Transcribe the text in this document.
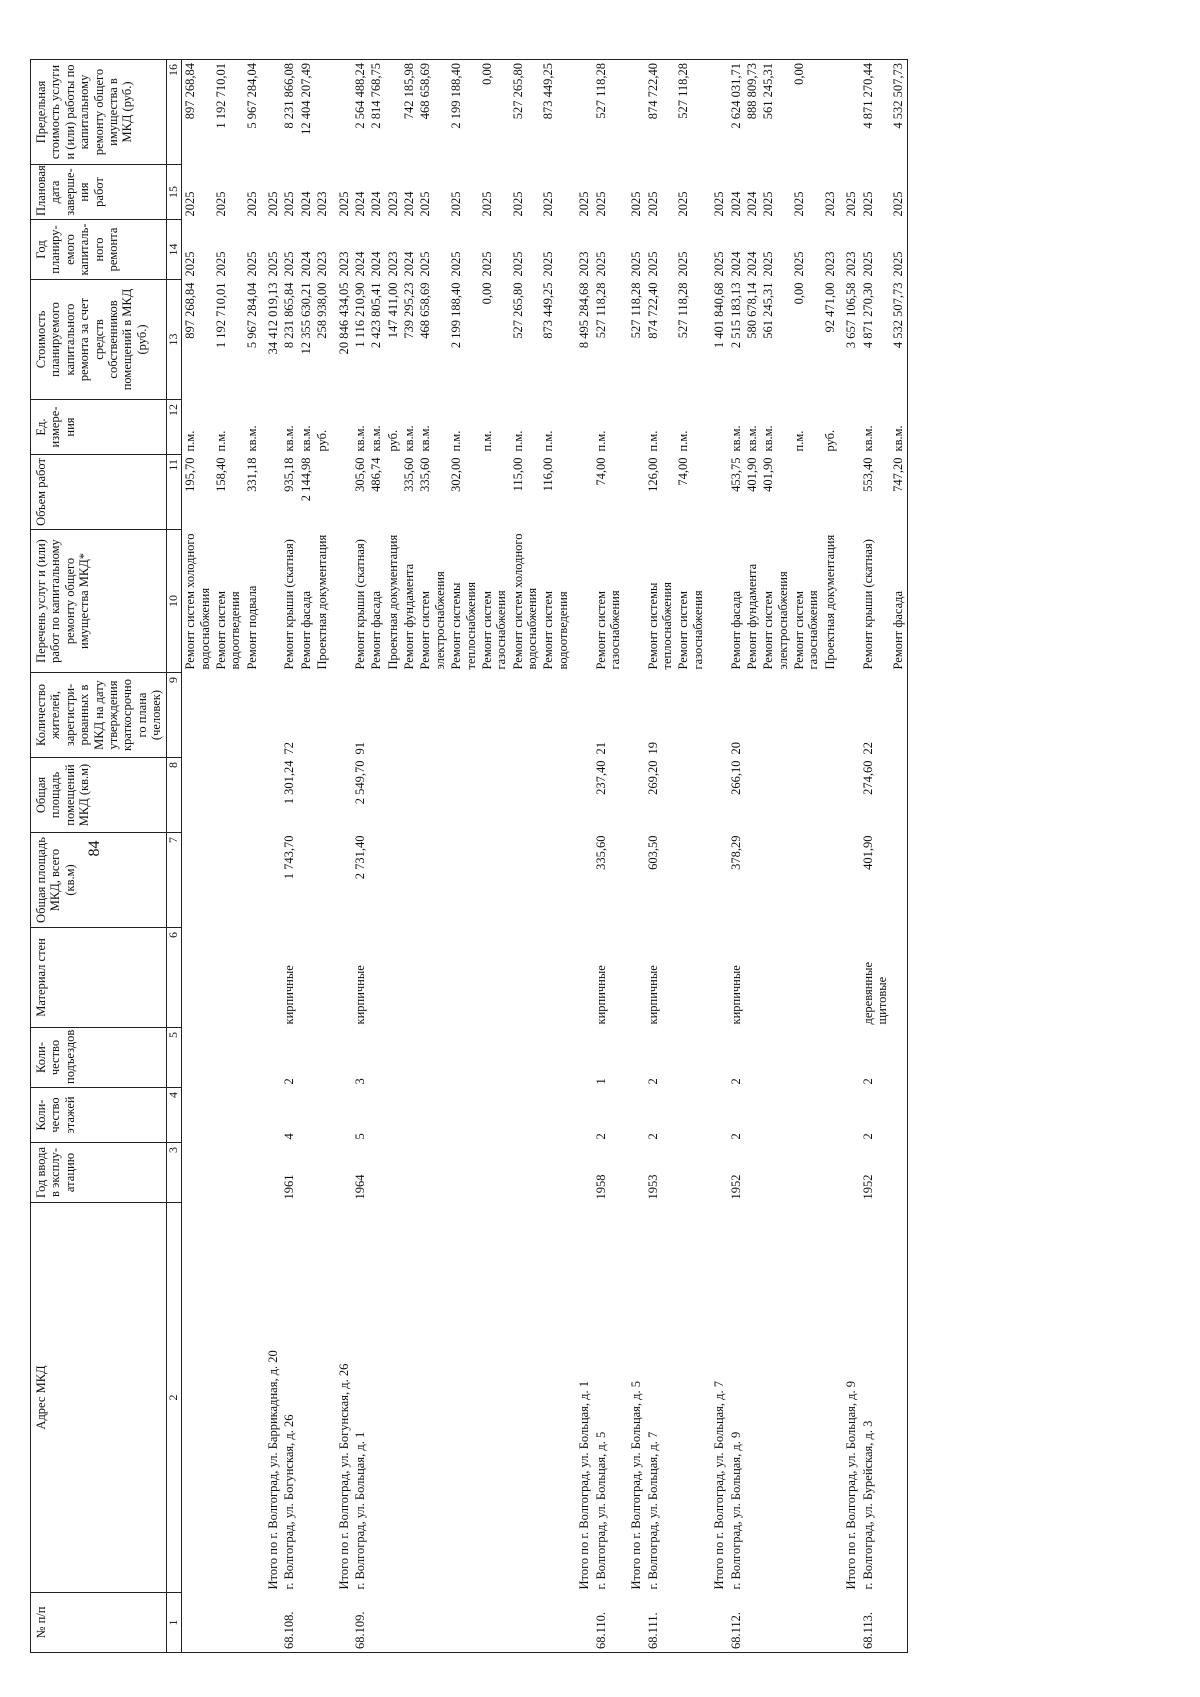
84
№ п/п	Адрес МКД	Год ввода в эксплу-атацию	Коли-чество этажей	Коли-чество подъездов	Материал стен	Общая площадь МКД, всего (кв.м)	Общая площадь помещений МКД (кв.м)	Количество жителей, зарегистри-рованных в МКД на дату утверждения краткосрочно го плана (человек)	Перечень услуг и (или) работ по капитальному ремонту общего имущества МКД*	Объем работ	Ед. измере-ния	Стоимость планируемого капитального ремонта за счет средств собственников помещений в МКД (руб.)	Год планиру-емого капиталь-ного ремонта	Плановая дата заверше-ния работ	Предельная стоимость услуги и (или) работы по капитальному ремонту общего имущества в МКД (руб.)
1	2	3	4	5	6	7	8	9	10	11	12	13	14	15	16
									Ремонт систем холодного водоснабжения	195,70	п.м.	897 268,84	2025	2025	897 268,84
									Ремонт систем водоотведения	158,40	п.м.	1 192 710,01	2025	2025	1 192 710,01
									Ремонт подвала	331,18	кв.м.	5 967 284,04	2025	2025	5 967 284,04
	Итого по г. Волгоград, ул. Баррикадная, д. 20											34 412 019,13	2025	2025	
68.108.	г. Волгоград, ул. Богунская, д. 26	1961	4	2	кирпичные	1 743,70	1 301,24	72	Ремонт крыши (скатная)	935,18	кв.м.	8 231 865,84	2025	2025	8 231 866,08
									Ремонт фасада	2 144,98	кв.м.	12 355 630,21	2024	2024	12 404 207,49
									Проектная документация		руб.	258 938,00	2023	2023	
	Итого по г. Волгоград, ул. Богунская, д. 26											20 846 434,05	2023	2025	
68.109.	г. Волгоград, ул. Больцая, д. 1	1964	5	3	кирпичные	2 731,40	2 549,70	91	Ремонт крыши (скатная)	305,60	кв.м.	1 116 210,90	2024	2024	2 564 488,24
									Ремонт фасада	486,74	кв.м.	2 423 805,41	2024	2024	2 814 768,75
									Проектная документация		руб.	147 411,00	2023	2023	
									Ремонт фундамента	335,60	кв.м.	739 295,23	2024	2024	742 185,98
									Ремонт систем электроснабжения	335,60	кв.м.	468 658,69	2025	2025	468 658,69
									Ремонт системы теплоснабжения	302,00	п.м.	2 199 188,40	2025	2025	2 199 188,40
									Ремонт систем газоснабжения		п.м.	0,00	2025	2025	0,00
									Ремонт систем холодного водоснабжения	115,00	п.м.	527 265,80	2025	2025	527 265,80
									Ремонт систем водоотведения	116,00	п.м.	873 449,25	2025	2025	873 449,25
	Итого по г. Волгоград, ул. Больцая, д. 1											8 495 284,68	2023	2025	
68.110.	г. Волгоград, ул. Больцая, д. 5	1958	2	1	кирпичные	335,60	237,40	21	Ремонт систем газоснабжения	74,00	п.м.	527 118,28	2025	2025	527 118,28
	Итого по г. Волгоград, ул. Больцая, д. 5											527 118,28	2025	2025	
68.111.	г. Волгоград, ул. Больцая, д. 7	1953	2	2	кирпичные	603,50	269,20	19	Ремонт системы теплоснабжения	126,00	п.м.	874 722,40	2025	2025	874 722,40
									Ремонт систем газоснабжения	74,00	п.м.	527 118,28	2025	2025	527 118,28
	Итого по г. Волгоград, ул. Больцая, д. 7											1 401 840,68	2025	2025	
68.112.	г. Волгоград, ул. Больцая, д. 9	1952	2	2	кирпичные	378,29	266,10	20	Ремонт фасада	453,75	кв.м.	2 515 183,13	2024	2024	2 624 031,71
									Ремонт фундамента	401,90	кв.м.	580 678,14	2024	2024	888 809,73
									Ремонт систем электроснабжения	401,90	кв.м.	561 245,31	2025	2025	561 245,31
									Ремонт систем газоснабжения		п.м.	0,00	2025	2025	0,00
									Проектная документация		руб.	92 471,00	2023	2023	
	Итого по г. Волгоград, ул. Больцая, д. 9											3 657 106,58	2023	2025	
68.113.	г. Волгоград, ул. Бурейская, д. 3	1952	2	2	деревянные щитовые	401,90	274,60	22	Ремонт крыши (скатная)	553,40	кв.м.	4 871 270,30	2025	2025	4 871 270,44
									Ремонт фасада	747,20	кв.м.	4 532 507,73	2025	2025	4 532 507,73
